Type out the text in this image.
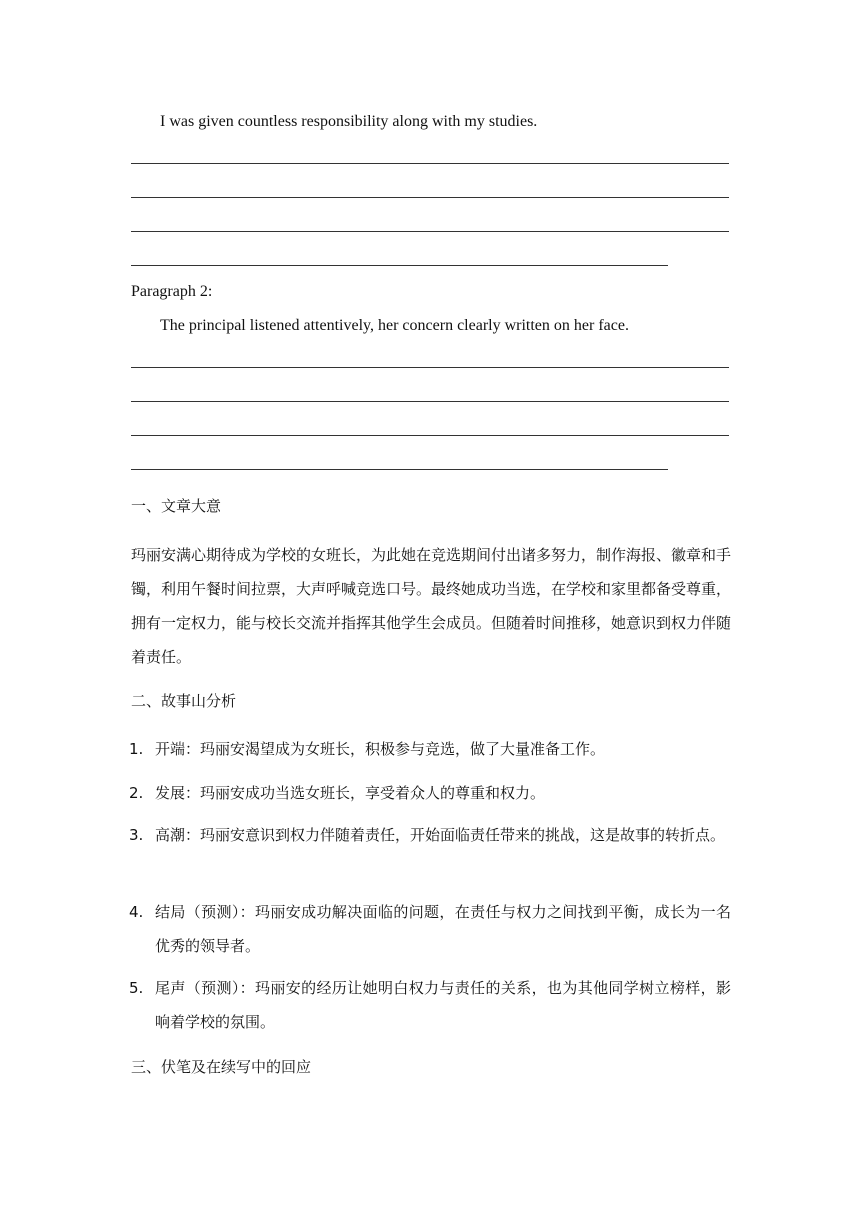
I was given countless responsibility along with my studies.
Paragraph 2:
The principal listened attentively, her concern clearly written on her face.
一、文章大意
玛丽安满心期待成为学校的女班长，为此她在竞选期间付出诸多努力，制作海报、徽章和手镯，利用午餐时间拉票，大声呼喊竞选口号。最终她成功当选，在学校和家里都备受尊重，拥有一定权力，能与校长交流并指挥其他学生会成员。但随着时间推移，她意识到权力伴随着责任。
二、故事山分析
1. 开端：玛丽安渴望成为女班长，积极参与竞选，做了大量准备工作。
2. 发展：玛丽安成功当选女班长，享受着众人的尊重和权力。
3. 高潮：玛丽安意识到权力伴随着责任，开始面临责任带来的挑战，这是故事的转折点。
4. 结局（预测）：玛丽安成功解决面临的问题，在责任与权力之间找到平衡，成长为一名优秀的领导者。
5. 尾声（预测）：玛丽安的经历让她明白权力与责任的关系，也为其他同学树立榜样，影响着学校的氛围。
三、伏笔及在续写中的回应
